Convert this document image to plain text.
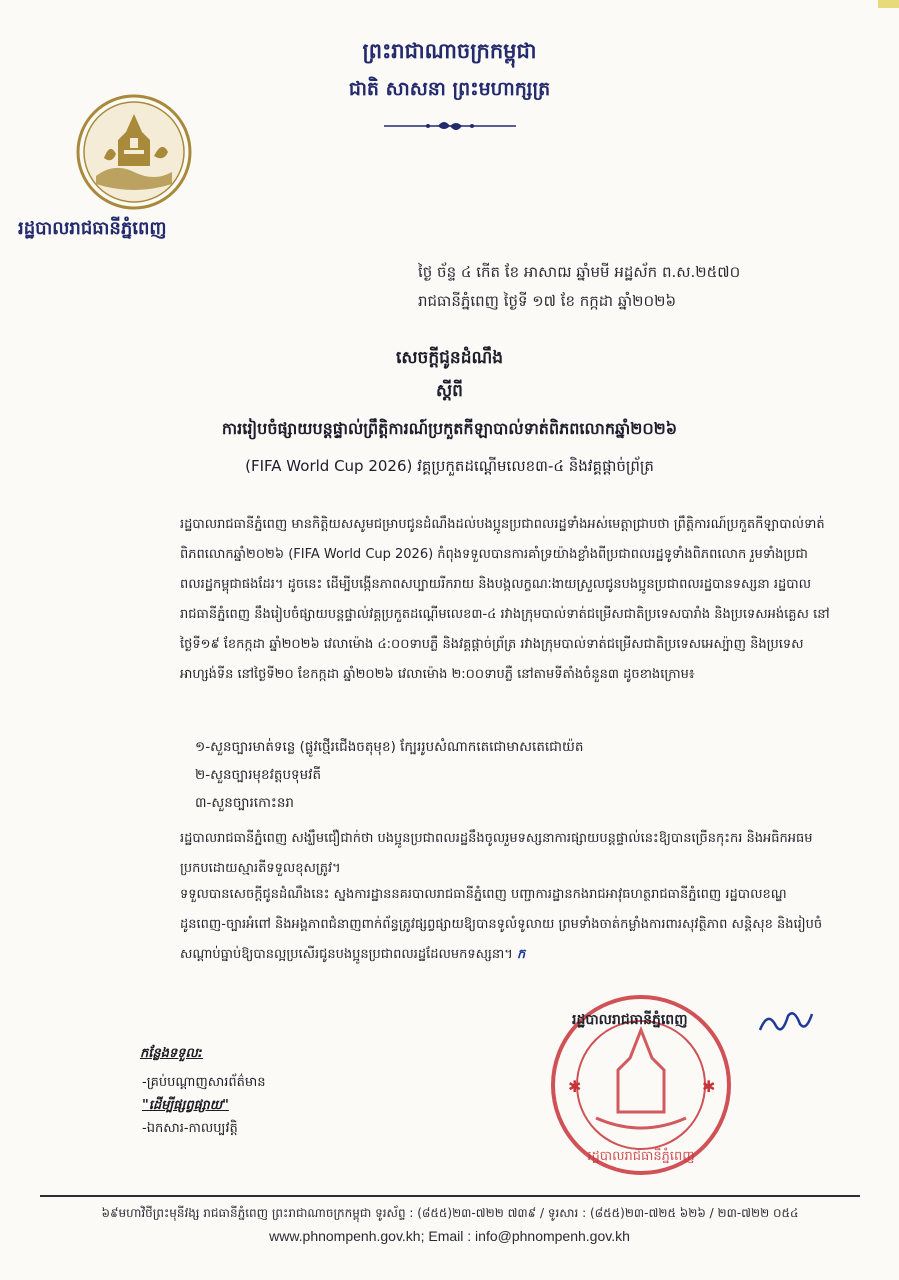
ព្រះរាជាណាចក្រកម្ពុជា
ជាតិ សាសនា ព្រះមហាក្សត្រ
រដ្ឋបាលរាជធានីភ្នំពេញ
ថ្ងៃ ច័ន្ទ ៤ កើត ខែ អាសាឍ ឆ្នាំមមី អដ្ឋស័ក ព.ស.២៥៧០
រាជធានីភ្នំពេញ ថ្ងៃទី ១៧ ខែ កក្កដា ឆ្នាំ២០២៦
សេចក្តីជូនដំណឹង
ស្តីពី
ការរៀបចំផ្សាយបន្តផ្ទាល់ព្រឹត្តិការណ៍ប្រកួតកីឡាបាល់ទាត់ពិភពលោកឆ្នាំ២០២៦
(FIFA World Cup 2026) វគ្គប្រកួតដណ្តើមលេខ៣-៤ និងវគ្គផ្តាច់ព្រ័ត្រ
រដ្ឋបាលរាជធានីភ្នំពេញ មានកិត្តិយសសូមជម្រាបជូនដំណឹងដល់បងប្អូនប្រជាពលរដ្ឋទាំងអស់មេត្តាជ្រាបថា ព្រឹត្តិការណ៍ប្រកួតកីឡាបាល់ទាត់ពិភពលោកឆ្នាំ២០២៦ (FIFA World Cup 2026) កំពុងទទួលបានការគាំទ្រយ៉ាងខ្លាំងពីប្រជាពលរដ្ឋទូទាំងពិភពលោក រួមទាំងប្រជាពលរដ្ឋកម្ពុជាផងដែរ។ ដូចនេះ ដើម្បីបង្កើនភាពសប្បាយរីករាយ និងបង្កលក្ខណៈងាយស្រួលជូនបងប្អូនប្រជាពលរដ្ឋបានទស្សនា រដ្ឋបាលរាជធានីភ្នំពេញ នឹងរៀបចំផ្សាយបន្តផ្ទាល់វគ្គប្រកួតដណ្តើមលេខ៣-៤ រវាងក្រុមបាល់ទាត់ជម្រើសជាតិប្រទេសបារាំង និងប្រទេសអង់គ្លេស នៅថ្ងៃទី១៩ ខែកក្កដា ឆ្នាំ២០២៦ វេលាម៉ោង ៤:០០ទាបភ្លឺ និងវគ្គផ្តាច់ព្រ័ត្រ រវាងក្រុមបាល់ទាត់ជម្រើសជាតិប្រទេសអេស្ប៉ាញ និងប្រទេសអាហ្សង់ទីន នៅថ្ងៃទី២០ ខែកក្កដា ឆ្នាំ២០២៦ វេលាម៉ោង ២:០០ទាបភ្លឺ នៅតាមទីតាំងចំនួន៣ ដូចខាងក្រោម៖
១-សួនច្បារមាត់ទន្លេ (ផ្លូវថ្មើរជើងចតុមុខ) ក្បែររូបសំណាកតេជោមាសតេជោយ៉ត
២-សួនច្បារមុខវត្តបទុមវតី
៣-សួនច្បារកោះនរា
រដ្ឋបាលរាជធានីភ្នំពេញ សង្ឃឹមជឿជាក់ថា បងប្អូនប្រជាពលរដ្ឋនឹងចូលរួមទស្សនាការផ្សាយបន្តផ្ទាល់នេះឱ្យបានច្រើនកុះករ និងអធិកអធម ប្រកបដោយស្មារតីទទួលខុសត្រូវ។
ទទួលបានសេចក្តីជូនដំណឹងនេះ ស្នងការដ្ឋាននគរបាលរាជធានីភ្នំពេញ បញ្ជាការដ្ឋានកងរាជអាវុធហត្ថរាជធានីភ្នំពេញ រដ្ឋបាលខណ្ឌដូនពេញ-ច្បារអំពៅ និងអង្គភាពជំនាញពាក់ព័ន្ធត្រូវផ្សព្វផ្សាយឱ្យបានទូលំទូលាយ ព្រមទាំងចាត់កម្លាំងការពារសុវត្ថិភាព សន្តិសុខ និងរៀបចំសណ្តាប់ធ្នាប់ឱ្យបានល្អប្រសើរជូនបងប្អូនប្រជាពលរដ្ឋដែលមកទស្សនា។ ក
រដ្ឋបាលរាជធានីភ្នំពេញ
✱	✱
រដ្ឋបាលរាជធានីភ្នំពេញ
កន្លែងទទួល:
-គ្រប់បណ្តាញសារព័ត៌មាន
"ដើម្បីផ្សព្វផ្សាយ"
-ឯកសារ-កាលប្បវត្តិ
៦៩មហាវិថីព្រះមុនីវង្ស រាជធានីភ្នំពេញ ព្រះរាជាណាចក្រកម្ពុជា ទូរស័ព្ទ : (៨៥៥)២៣-៧២២ ៧៣៩ / ទូរសារ : (៨៥៥)២៣-៧២៥ ៦២៦ / ២៣-៧២២ ០៥៤
www.phnompenh.gov.kh; Email : info@phnompenh.gov.kh
